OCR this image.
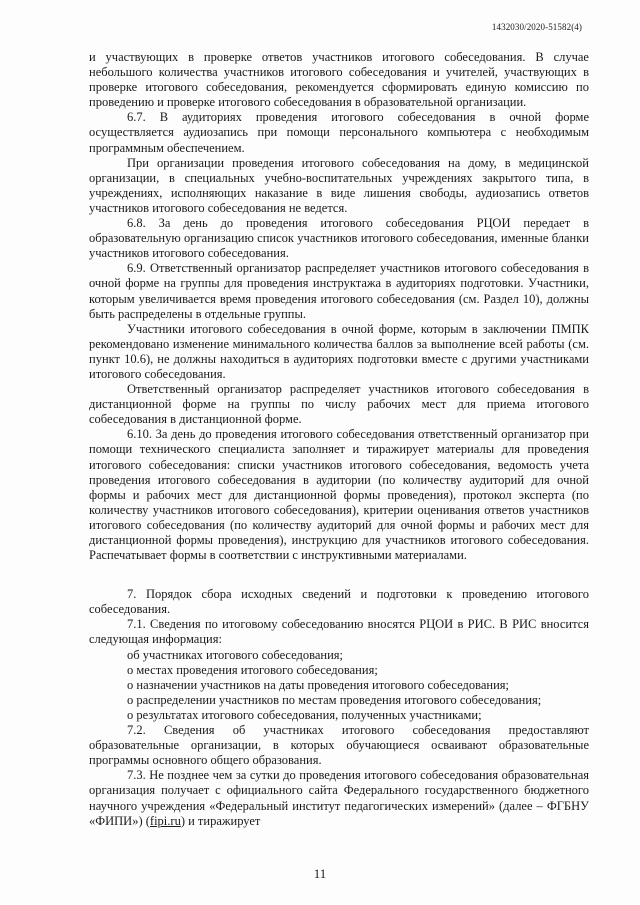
1432030/2020-51582(4)

и участвующих в проверке ответов участников итогового собеседования. В случае небольшого количества участников итогового собеседования и учителей, участвующих в проверке итогового собеседования, рекомендуется сформировать единую комиссию по проведению и проверке итогового собеседования в образовательной организации.

6.7. В аудиториях проведения итогового собеседования в очной форме осуществляется аудиозапись при помощи персонального компьютера с необходимым программным обеспечением.

При организации проведения итогового собеседования на дому, в медицинской организации, в специальных учебно-воспитательных учреждениях закрытого типа, в учреждениях, исполняющих наказание в виде лишения свободы, аудиозапись ответов участников итогового собеседования не ведется.

6.8. За день до проведения итогового собеседования РЦОИ передает в образовательную организацию список участников итогового собеседования, именные бланки участников итогового собеседования.

6.9. Ответственный организатор распределяет участников итогового собеседования в очной форме на группы для проведения инструктажа в аудиториях подготовки. Участники, которым увеличивается время проведения итогового собеседования (см. Раздел 10), должны быть распределены в отдельные группы.

Участники итогового собеседования в очной форме, которым в заключении ПМПК рекомендовано изменение минимального количества баллов за выполнение всей работы (см. пункт 10.6), не должны находиться в аудиториях подготовки вместе с другими участниками итогового собеседования.

Ответственный организатор распределяет участников итогового собеседования в дистанционной форме на группы по числу рабочих мест для приема итогового собеседования в дистанционной форме.

6.10. За день до проведения итогового собеседования ответственный организатор при помощи технического специалиста заполняет и тиражирует материалы для проведения итогового собеседования: списки участников итогового собеседования, ведомость учета проведения итогового собеседования в аудитории (по количеству аудиторий для очной формы и рабочих мест для дистанционной формы проведения), протокол эксперта (по количеству участников итогового собеседования), критерии оценивания ответов участников итогового собеседования (по количеству аудиторий для очной формы и рабочих мест для дистанционной формы проведения), инструкцию для участников итогового собеседования. Распечатывает формы в соответствии с инструктивными материалами.

7. Порядок сбора исходных сведений и подготовки к проведению итогового собеседования.

7.1. Сведения по итоговому собеседованию вносятся РЦОИ в РИС. В РИС вносится следующая информация:

об участниках итогового собеседования;

о местах проведения итогового собеседования;

о назначении участников на даты проведения итогового собеседования;

о распределении участников по местам проведения итогового собеседования;

о результатах итогового собеседования, полученных участниками;

7.2. Сведения об участниках итогового собеседования предоставляют образовательные организации, в которых обучающиеся осваивают образовательные программы основного общего образования.

7.3. Не позднее чем за сутки до проведения итогового собеседования образовательная организация получает с официального сайта Федерального государственного бюджетного научного учреждения «Федеральный институт педагогических измерений» (далее – ФГБНУ «ФИПИ») (fipi.ru) и тиражирует

11
